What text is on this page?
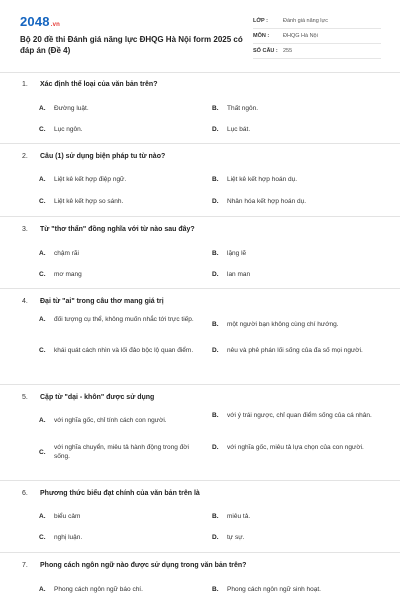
2048.vn
Bộ 20 đề thi Đánh giá năng lực ĐHQG Hà Nội form 2025 có đáp án (Đề 4)
LỚP :	Đánh giá năng lực
MÔN :	ĐHQG Hà Nội
SỐ CÂU : 255
1.	Xác định thể loại của văn bản trên?
A.	Đường luật.	B.	Thất ngôn.
C.	Lục ngôn.	D.	Lục bát.
2.	Câu (1) sử dụng biện pháp tu từ nào?
A.	Liệt kê kết hợp điệp ngữ.	B.	Liệt kê kết hợp hoán dụ.
C.	Liệt kê kết hợp so sánh.	D.	Nhân hóa kết hợp hoán dụ.
3.	Từ "thơ thẩn" đồng nghĩa với từ nào sau đây?
A.	chậm rãi	B.	lặng lẽ
C.	mơ mang	D.	lan man
4.	Đại từ "ai" trong câu thơ mang giá trị
A.	đối tượng cụ thể, không muốn nhắc tới trực tiếp.
B.	một người bạn không cùng chí hướng.
C.	khái quát cách nhìn và lối đảo bộc lộ quan điểm.	D.	nêu và phê phán lối sống của đa số mọi người.
5.	Cặp từ "dại - khôn" được sử dụng
A.	với nghĩa gốc, chỉ tính cách con người.
B.	với ý trái ngược, chỉ quan điểm sống của cá nhân.
C.
với nghĩa chuyển, miêu tả hành động trong đời sống.
D.	với nghĩa gốc, miêu tả lựa chọn của con người.
6.	Phương thức biểu đạt chính của văn bản trên là
A.	biểu cảm	B.	miêu tả.
C.	nghị luận.	D.	tự sự.
7.	Phong cách ngôn ngữ nào được sử dụng trong văn bản trên?
A.	Phong cách ngôn ngữ báo chí.	B.	Phong cách ngôn ngữ sinh hoạt.
